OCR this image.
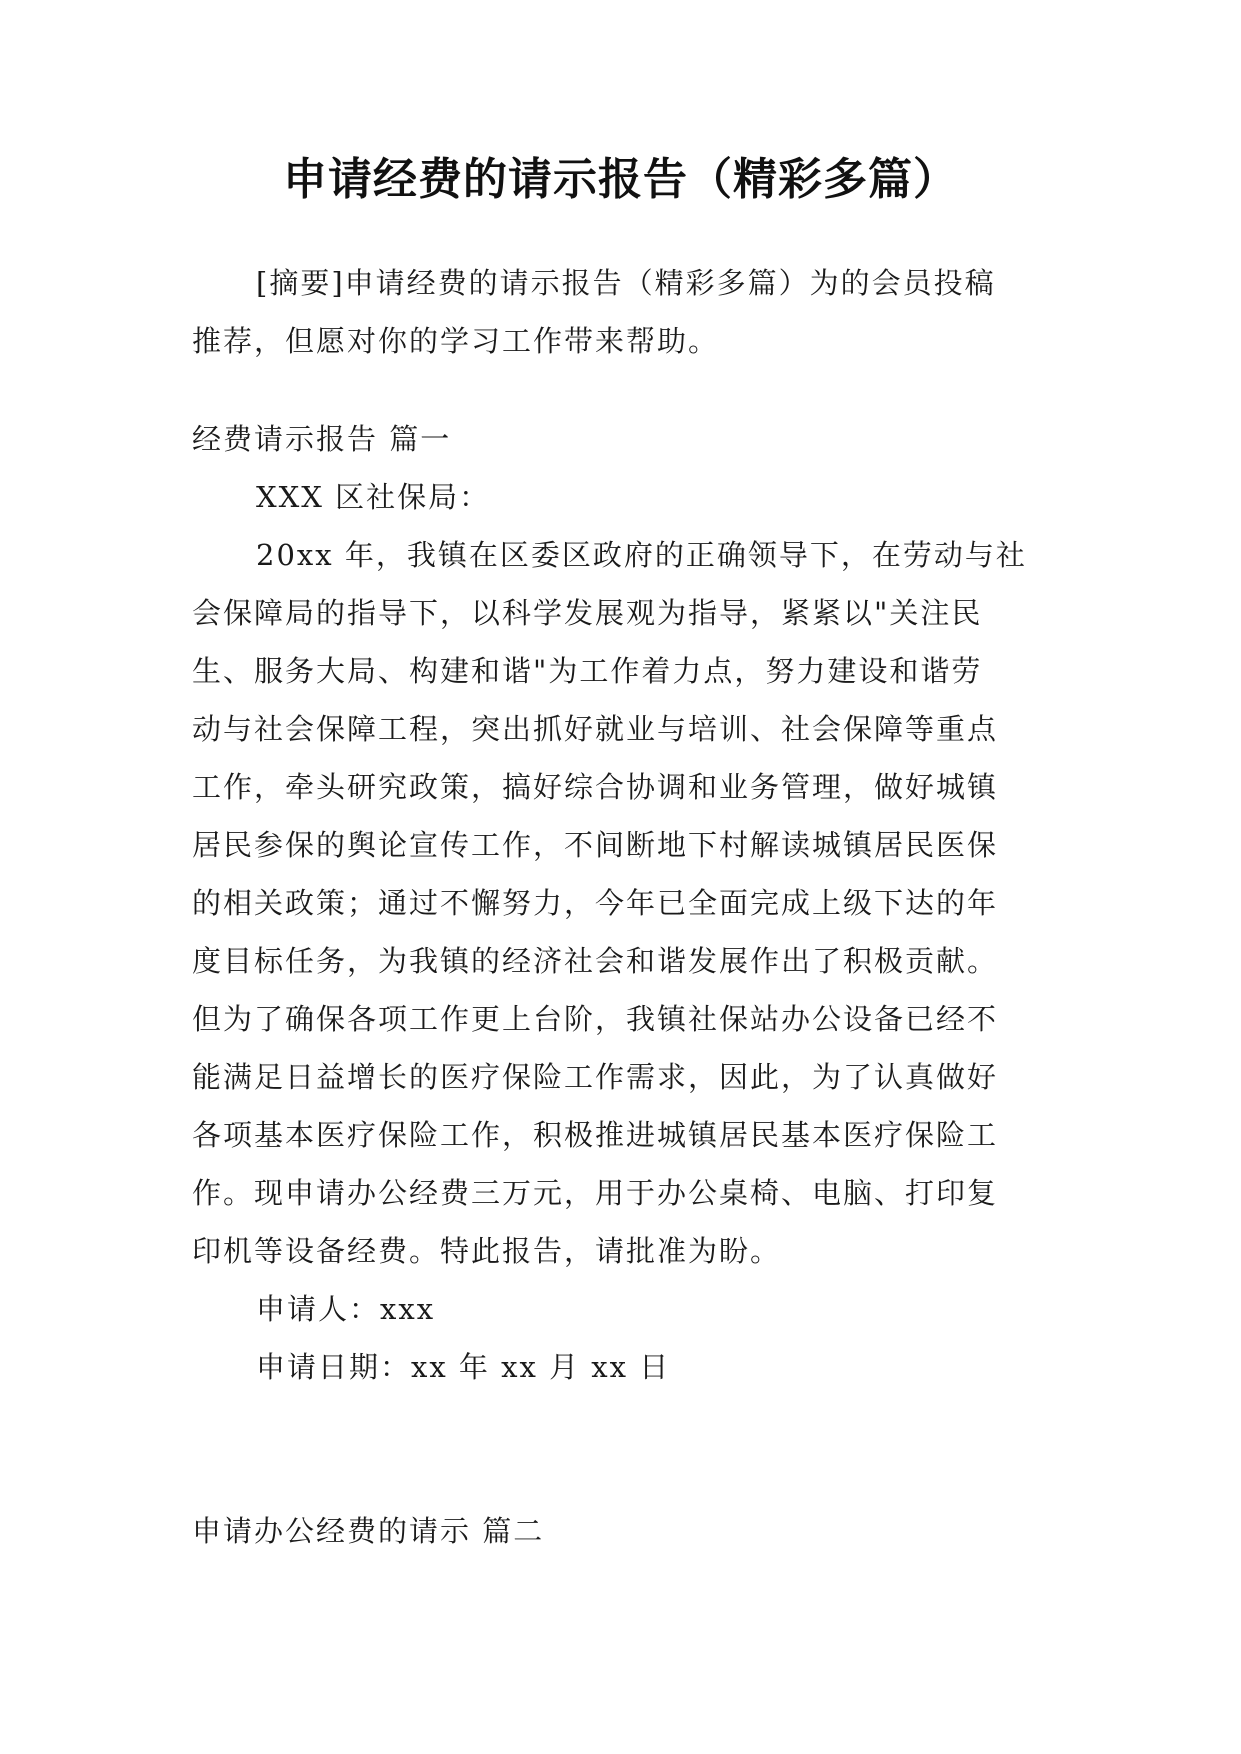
申请经费的请示报告（精彩多篇）
[摘要]申请经费的请示报告（精彩多篇）为的会员投稿
推荐，但愿对你的学习工作带来帮助。
经费请示报告 篇一
XXX 区社保局：
20xx 年，我镇在区委区政府的正确领导下，在劳动与社
会保障局的指导下，以科学发展观为指导，紧紧以"关注民
生、服务大局、构建和谐"为工作着力点，努力建设和谐劳
动与社会保障工程，突出抓好就业与培训、社会保障等重点
工作，牵头研究政策，搞好综合协调和业务管理，做好城镇
居民参保的舆论宣传工作，不间断地下村解读城镇居民医保
的相关政策；通过不懈努力，今年已全面完成上级下达的年
度目标任务，为我镇的经济社会和谐发展作出了积极贡献。
但为了确保各项工作更上台阶，我镇社保站办公设备已经不
能满足日益增长的医疗保险工作需求，因此，为了认真做好
各项基本医疗保险工作，积极推进城镇居民基本医疗保险工
作。现申请办公经费三万元，用于办公桌椅、电脑、打印复
印机等设备经费。特此报告，请批准为盼。
申请人：xxx
申请日期：xx 年 xx 月 xx 日
申请办公经费的请示 篇二
